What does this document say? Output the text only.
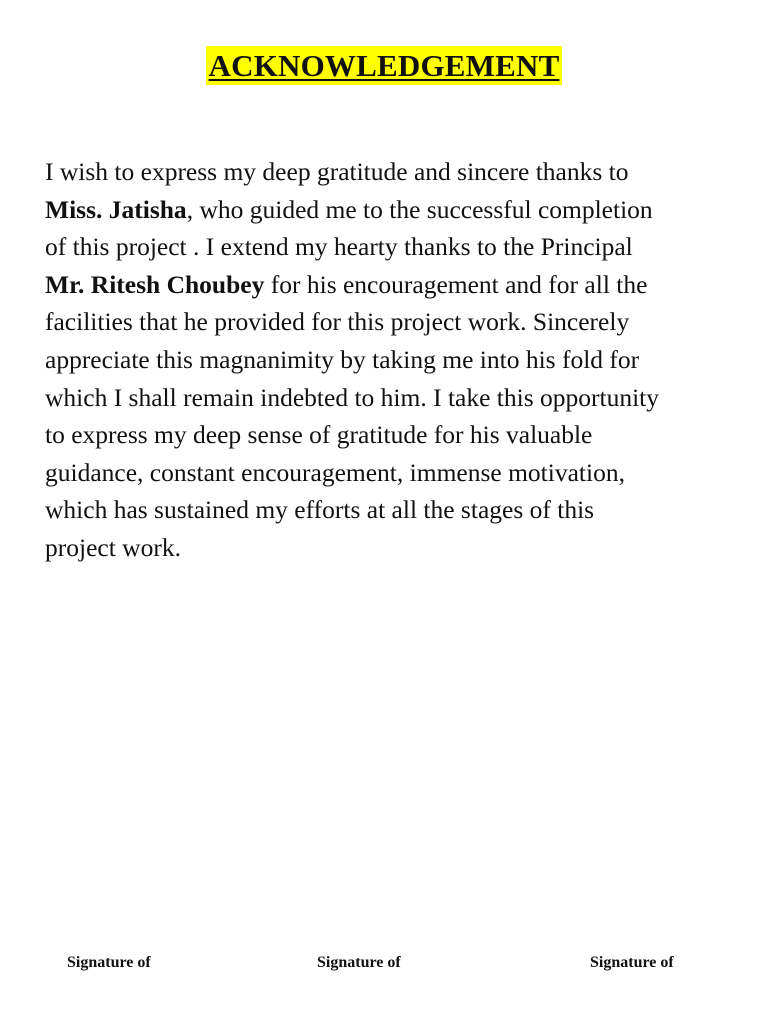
ACKNOWLEDGEMENT
I wish to express my deep gratitude and sincere thanks to
Miss. Jatisha, who guided me to the successful completion
of this project . I extend my hearty thanks to the Principal
Mr. Ritesh Choubey for his encouragement and for all the
facilities that he provided for this project work. Sincerely
appreciate this magnanimity by taking me into his fold for
which I shall remain indebted to him. I take this opportunity
to express my deep sense of gratitude for his valuable
guidance, constant encouragement, immense motivation,
which has sustained my efforts at all the stages of this
project work.
Signature of	Signature of	Signature of
